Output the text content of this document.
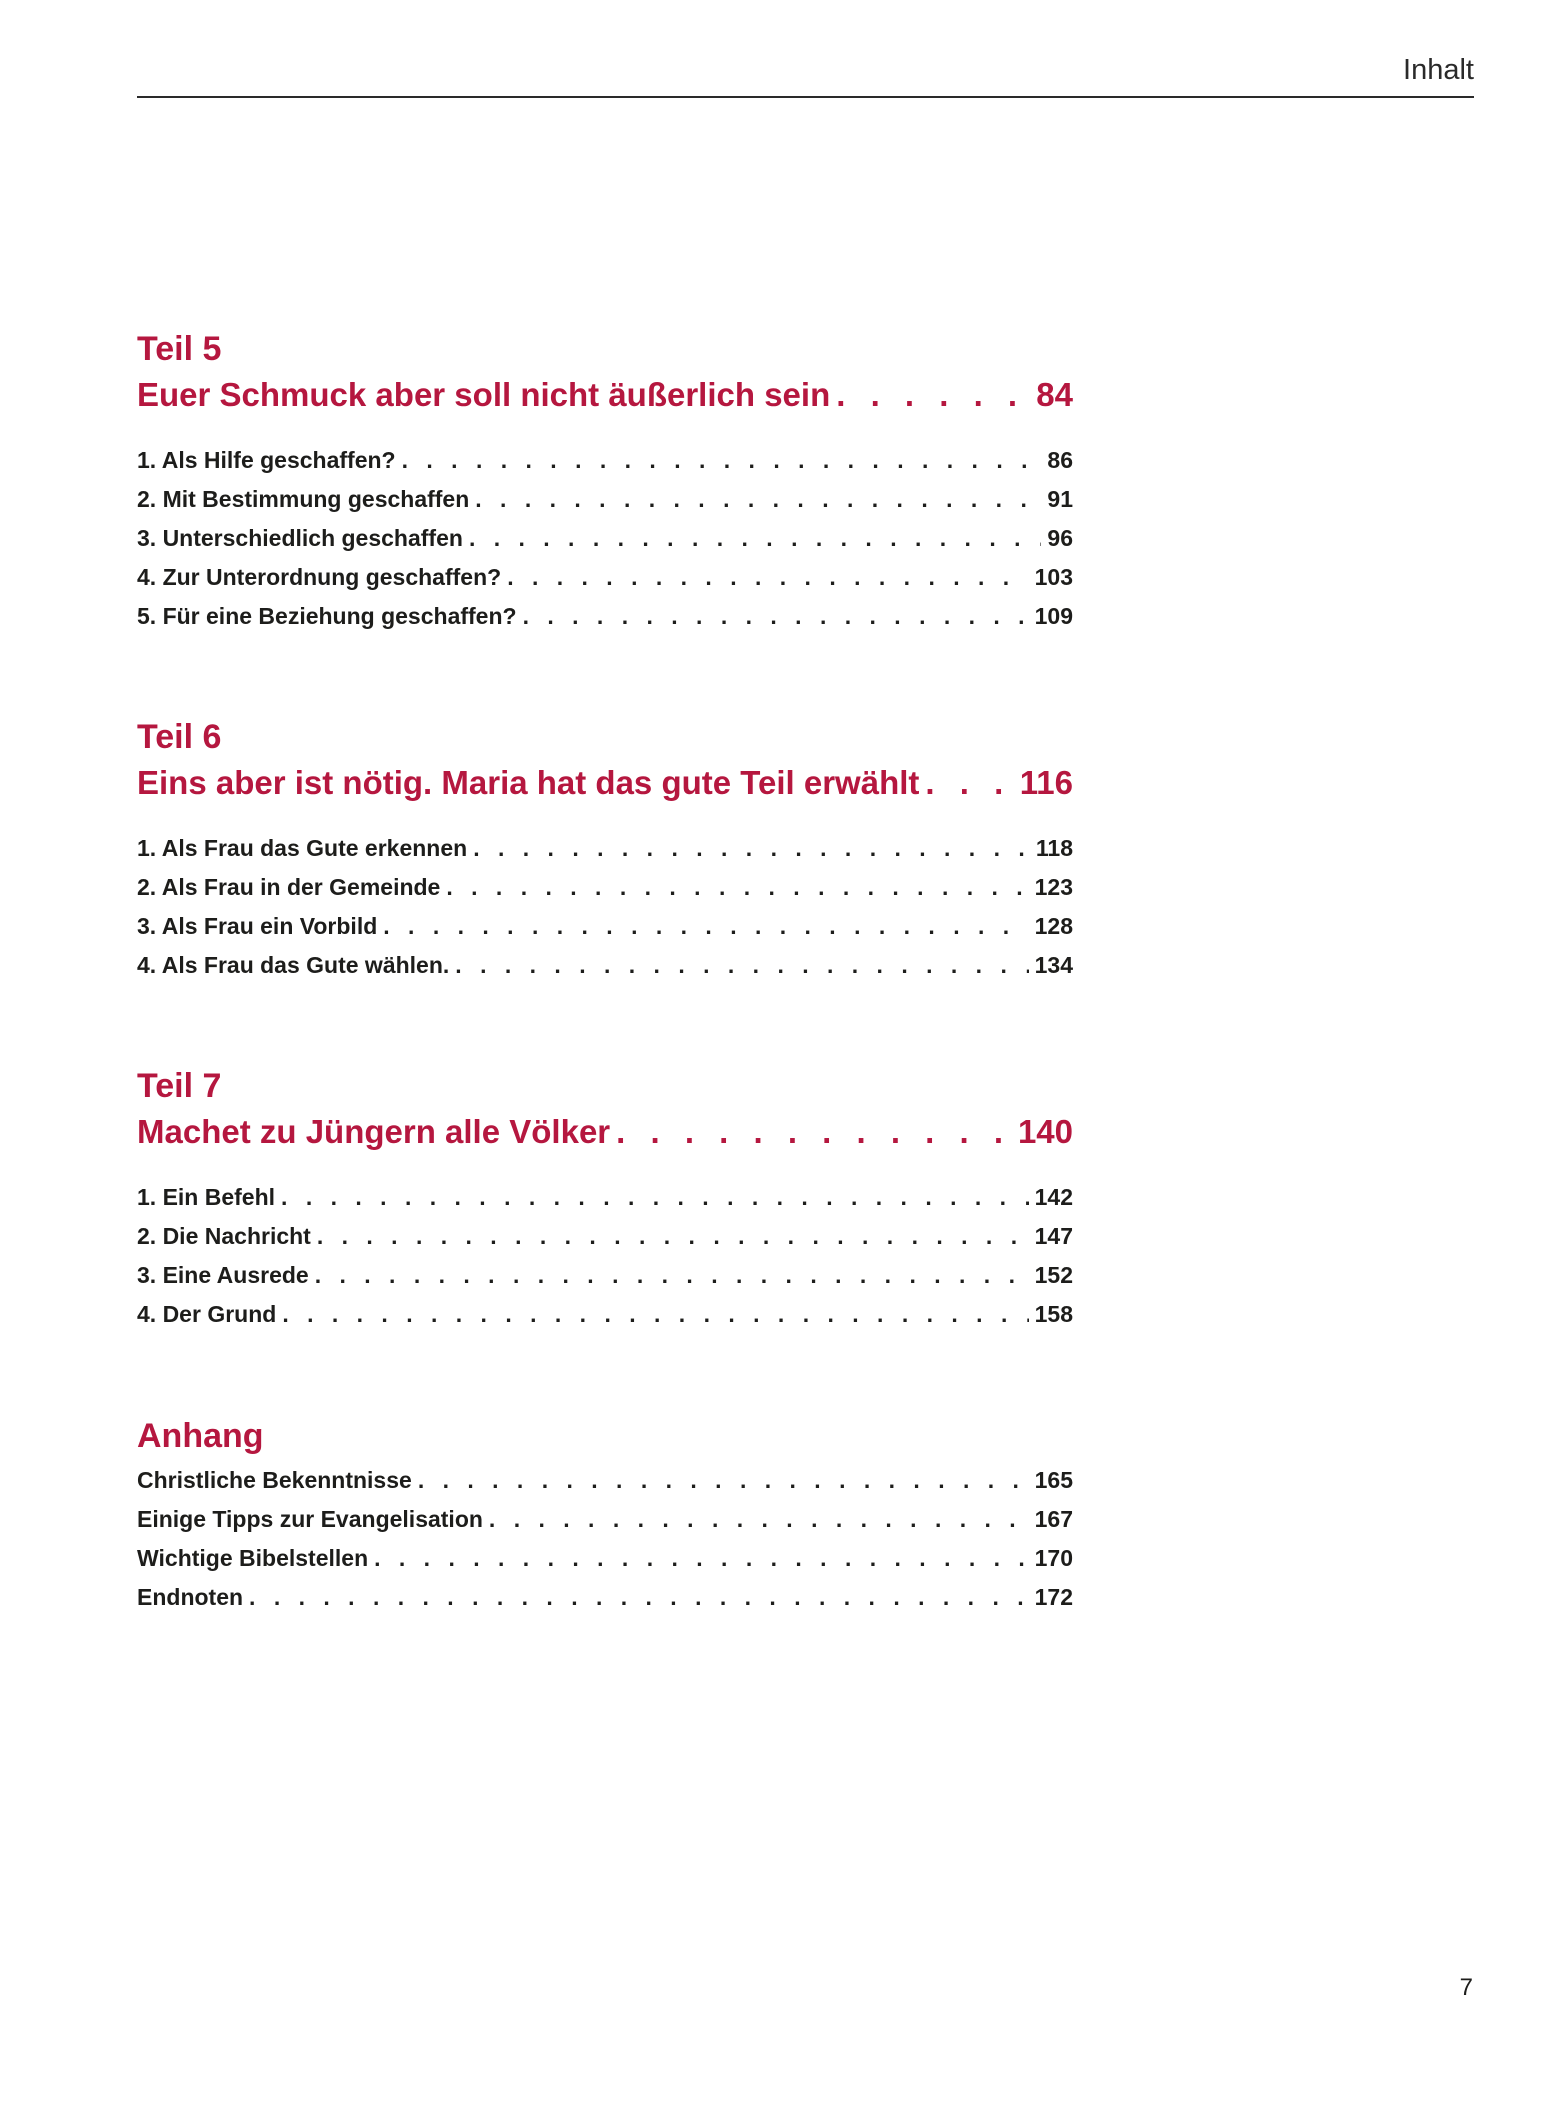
Inhalt
Teil 5
Euer Schmuck aber soll nicht äußerlich sein . . .	84
1. Als Hilfe geschaffen? . . .	86
2. Mit Bestimmung geschaffen . . .	91
3. Unterschiedlich geschaffen . . .	96
4. Zur Unterordnung geschaffen? . . .	103
5. Für eine Beziehung geschaffen? . . .	109
Teil 6
Eins aber ist nötig. Maria hat das gute Teil erwählt . . .	116
1. Als Frau das Gute erkennen . . .	118
2. Als Frau in der Gemeinde . . .	123
3. Als Frau ein Vorbild . . .	128
4. Als Frau das Gute wählen. . . .	134
Teil 7
Machet zu Jüngern alle Völker . . .	140
1. Ein Befehl . . .	142
2. Die Nachricht . . .	147
3. Eine Ausrede . . .	152
4. Der Grund . . .	158
Anhang
Christliche Bekenntnisse . . .	165
Einige Tipps zur Evangelisation . . .	167
Wichtige Bibelstellen . . .	170
Endnoten . . .	172
7
